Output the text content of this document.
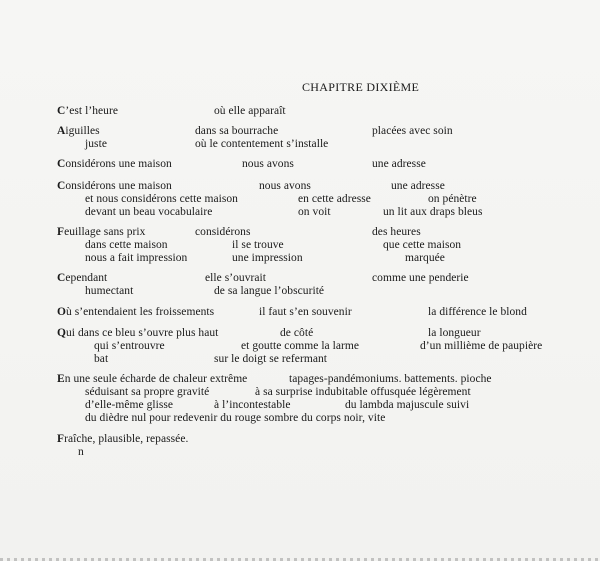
CHAPITRE DIXIÈME
C’est l’heure	où elle apparaît
Aiguilles	dans sa bourrache	placées avec soin
juste	où le contentement s’installe
Considérons une maison	nous avons	une adresse
Considérons une maison	nous avons	une adresse
et nous considérons cette maison	en cette adresse	on pénètre
devant un beau vocabulaire	on voit	un lit aux draps bleus
Feuillage sans prix	considérons	des heures
dans cette maison	il se trouve	que cette maison
nous a fait impression	une impression	marquée
Cependant	elle s’ouvrait	comme une penderie
humectant	de sa langue l’obscurité
Où s’entendaient les froissements	il faut s’en souvenir	la différence le blond
Qui dans ce bleu s’ouvre plus haut	de côté	la longueur
qui s’entrouvre	et goutte comme la larme	d’un millième de paupière
bat	sur le doigt se refermant
En une seule écharde de chaleur extrême	tapages-pandémoniums. battements. pioche
séduisant sa propre gravité	à sa surprise indubitable offusquée légèrement
d’elle-même glisse	à l’incontestable	du lambda majuscule suivi
du dièdre nul pour redevenir du rouge sombre du corps noir, vite
Fraîche, plausible, repassée.
n
